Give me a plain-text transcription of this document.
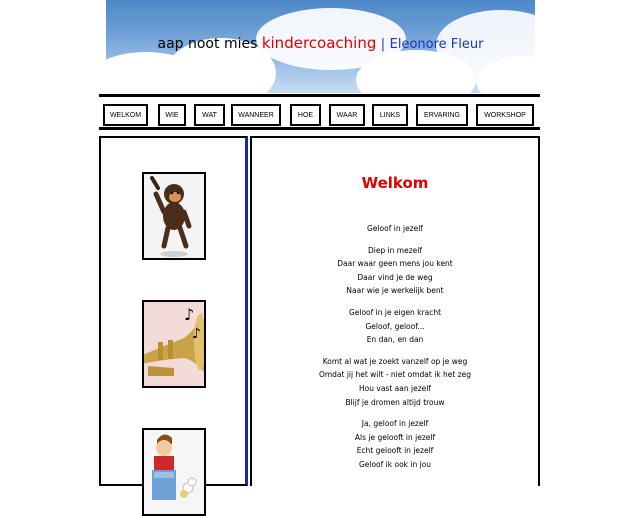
aap noot mies kindercoaching | Eleonore Fleur
WELKOM	WIE	WAT	WANNEER	HOE	WAAR	LINKS	ERVARING	WORKSHOP
♪
♪
Welkom
Geloof in jezelf
Diep in mezelf
Daar waar geen mens jou kent
Daar vind je de weg
Naar wie je werkelijk bent
Geloof in je eigen kracht
Geloof, geloof...
En dan, en dan
Komt al wat je zoekt vanzelf op je weg
Omdat jij het wilt - niet omdat ik het zeg
Hou vast aan jezelf
Blijf je dromen altijd trouw
Ja, geloof in jezelf
Als je gelooft in jezelf
Echt gelooft in jezelf
Geloof ik ook in jou
